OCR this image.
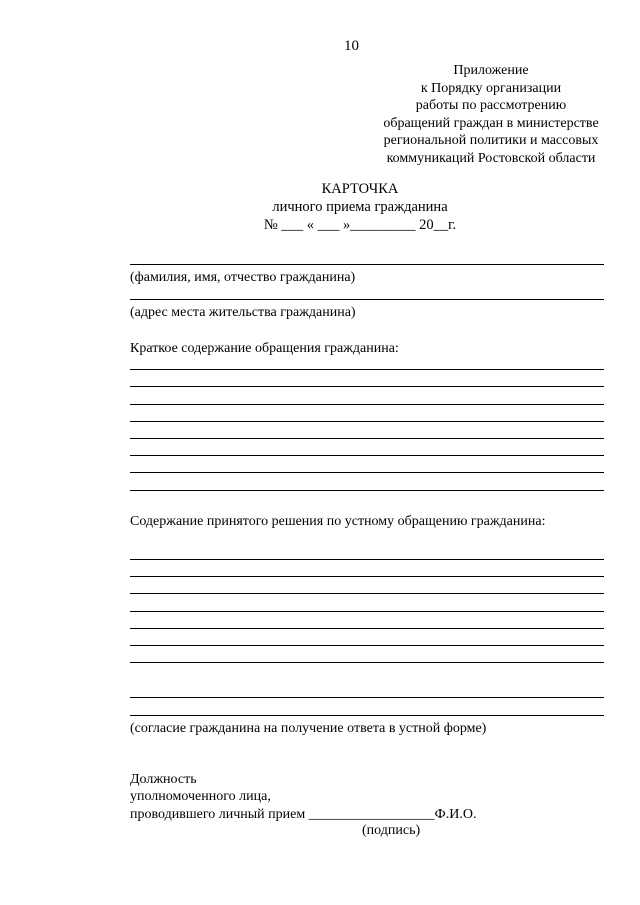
10
Приложение
к Порядку организации
работы по рассмотрению
обращений граждан в министерстве
региональной политики и массовых
коммуникаций Ростовской области
КАРТОЧКА
личного приема гражданина
№ ___ « ___ »_________ 20__г.
(фамилия, имя, отчество гражданина)
(адрес места жительства гражданина)
Краткое содержание обращения гражданина:
Содержание принятого решения по устному обращению гражданина:
(согласие гражданина на получение ответа в устной форме)
Должность
уполномоченного лица,
проводившего личный прием __________________Ф.И.О.
(подпись)
